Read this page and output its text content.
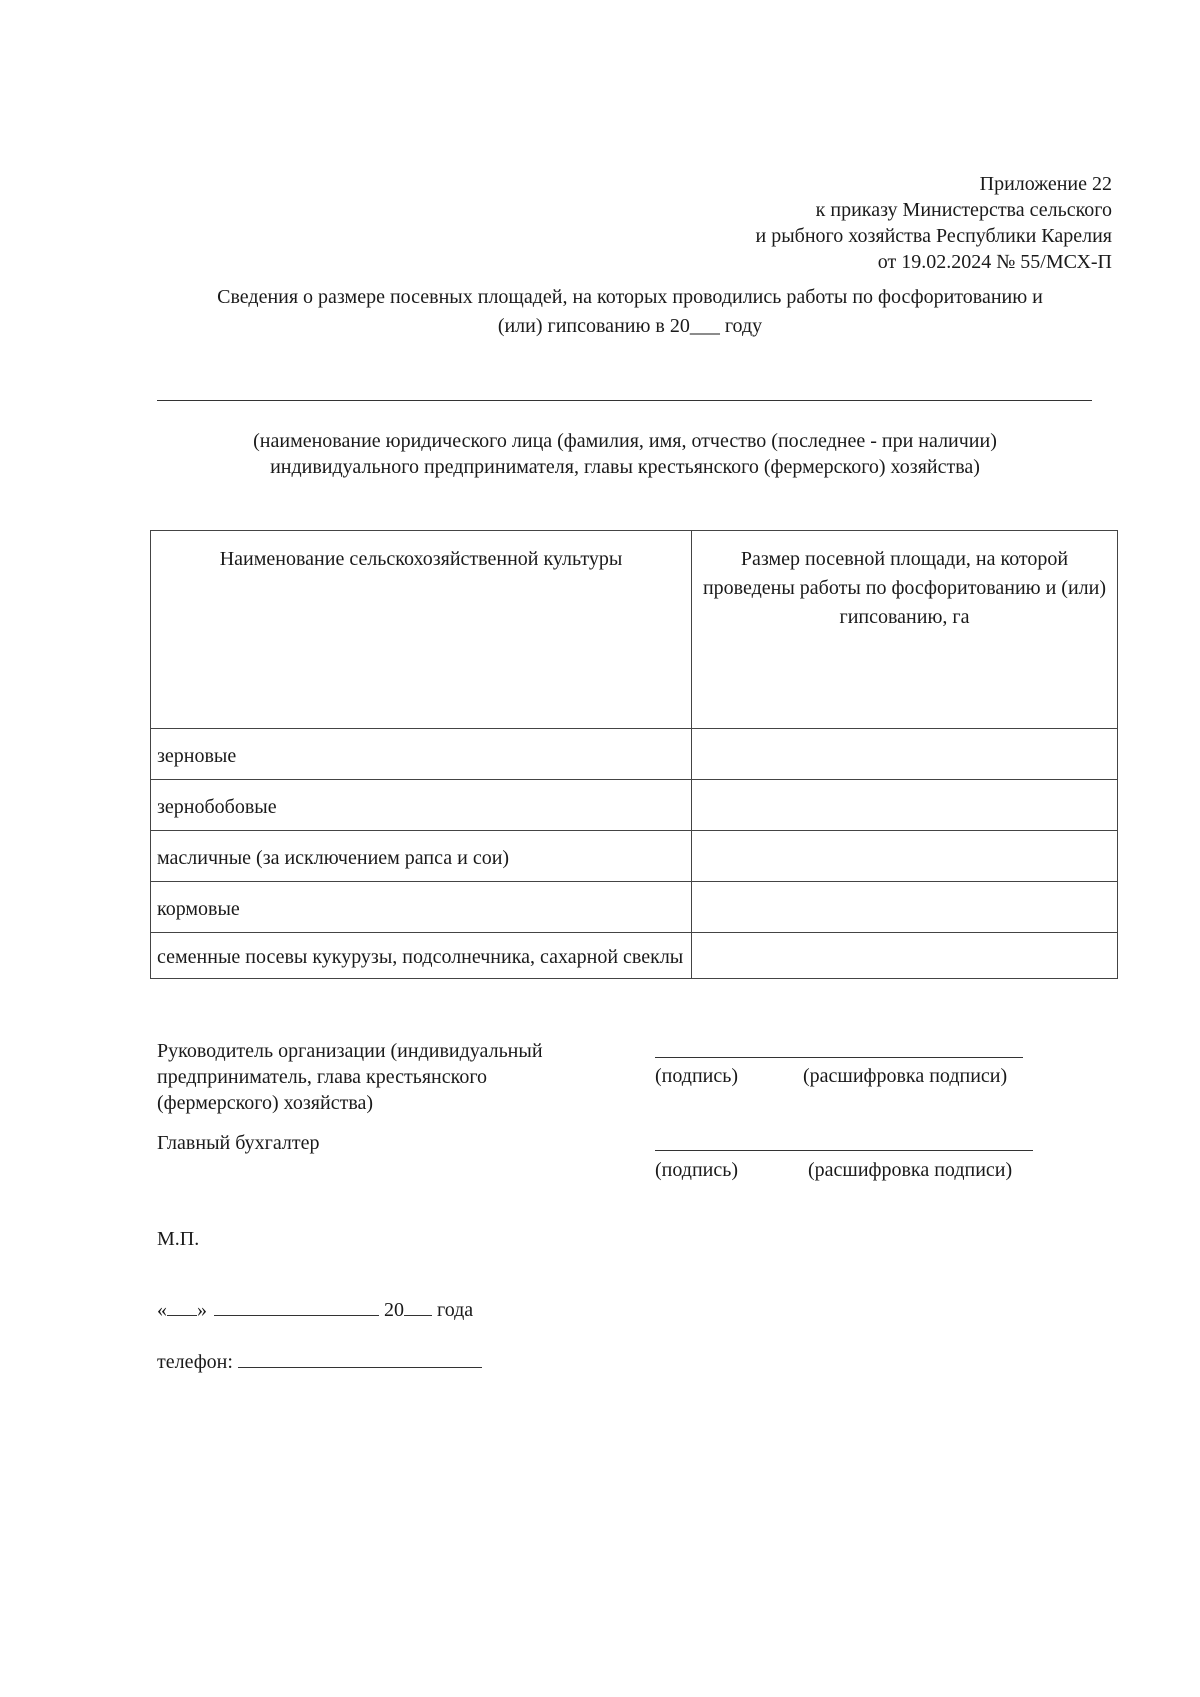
Приложение 22
к приказу Министерства сельского
и рыбного хозяйства Республики Карелия
от 19.02.2024 № 55/МСХ-П
Сведения о размере посевных площадей, на которых проводились работы по фосфоритованию и
(или) гипсованию в 20___ году
(наименование юридического лица (фамилия, имя, отчество (последнее - при наличии)
индивидуального предпринимателя, главы крестьянского (фермерского) хозяйства)
Наименование сельскохозяйственной культуры	Размер посевной площади, на которой проведены работы по фосфоритованию и (или) гипсованию, га
зерновые	
зернобобовые	
масличные (за исключением рапса и сои)	
кормовые	
семенные посевы кукурузы, подсолнечника, сахарной свеклы	
Руководитель организации (индивидуальный
предприниматель, глава крестьянского
(фермерского) хозяйства)
(подпись)	(расшифровка подписи)
Главный бухгалтер
(подпись)	(расшифровка подписи)
М.П.
« »	20 года
телефон:
